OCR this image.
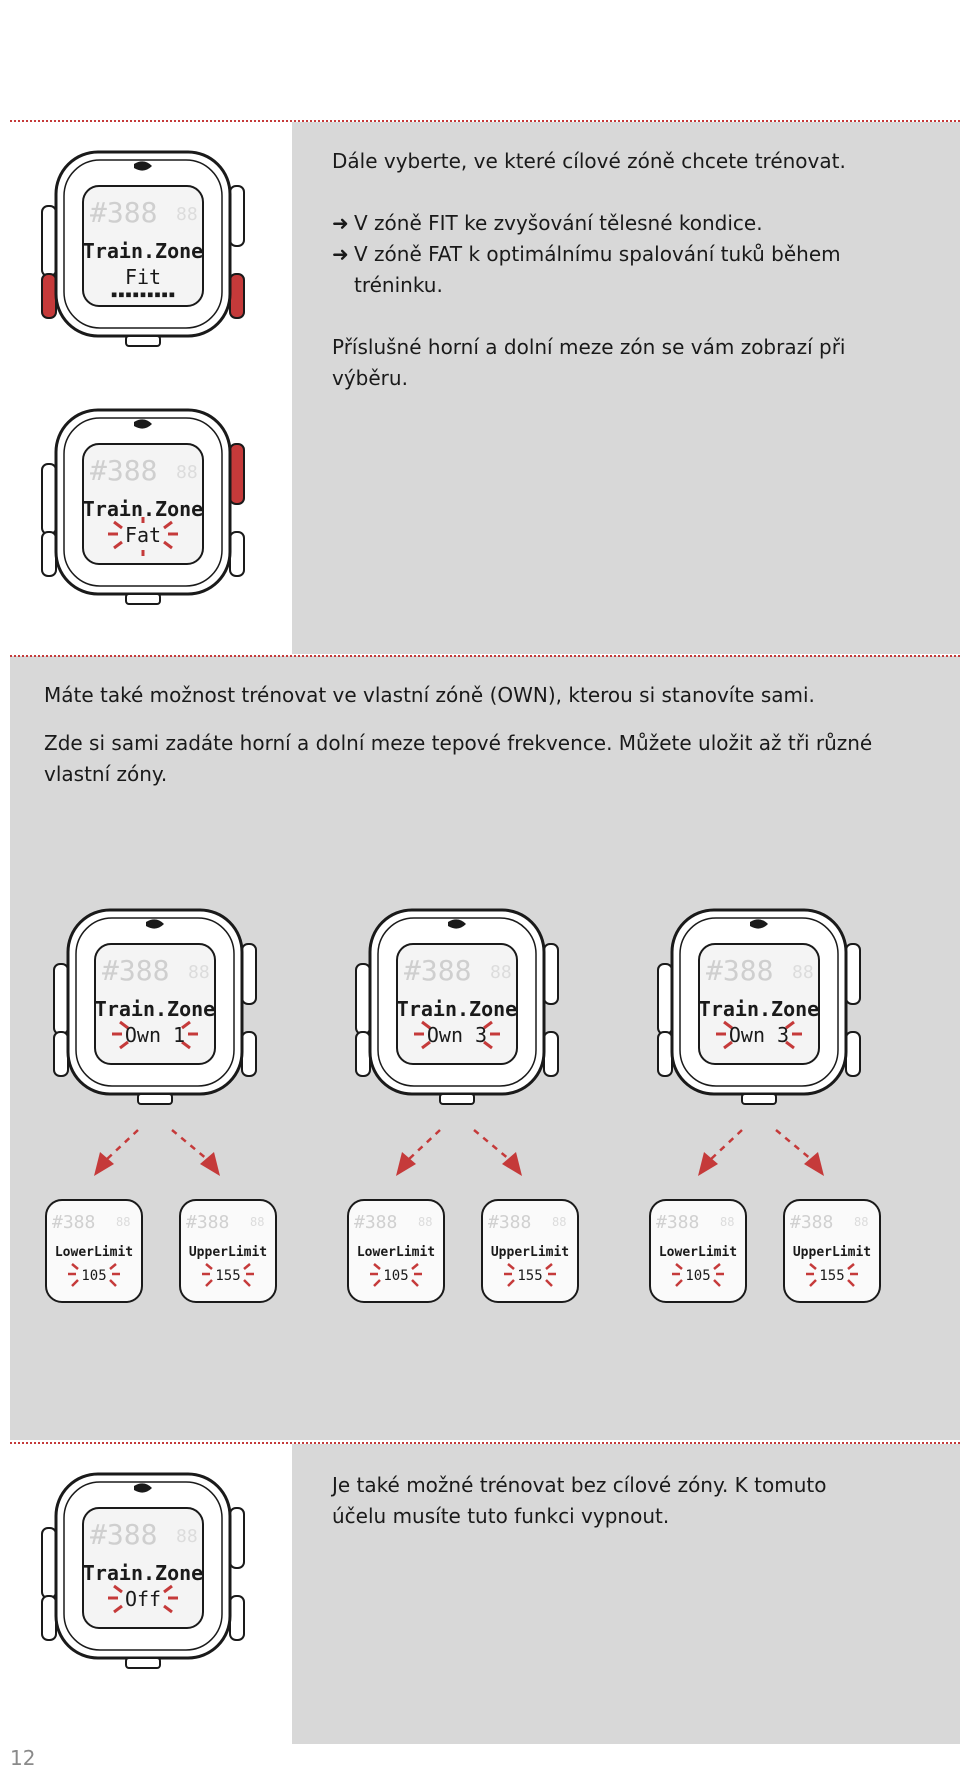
Dále vyberte, ve které cílové zóně chcete trénovat.

➜ V zóně FIT ke zvyšování tělesné kondice.
➜ V zóně FAT k optimálnímu spalování tuků během

tréninku.

Příslušné horní a dolní meze zón se vám zobrazí při

výběru.

Máte také možnost trénovat ve vlastní zóně (OWN), kterou si stanovíte sami.

Zde si sami zadáte horní a dolní meze tepové frekvence. Můžete uložit až tři různé

vlastní zóny.

Je také možné trénovat bez cílové zóny. K tomuto

účelu musíte tuto funkci vypnout.

#388 88
Train.Zone
Fit
▪▪▪▪▪▪▪▪▪
#388 88
Train.Zone
Fat
#388 88
Train.Zone
Own 1
#388 88
Train.Zone
Own 3
#388 88
Train.Zone
Own 3
#388 88
LowerLimit
105
#388 88
UpperLimit
155
#388 88
LowerLimit
105
#388 88
UpperLimit
155
#388 88
LowerLimit
105
#388 88
UpperLimit
155
#388 88
Train.Zone
Off
12
